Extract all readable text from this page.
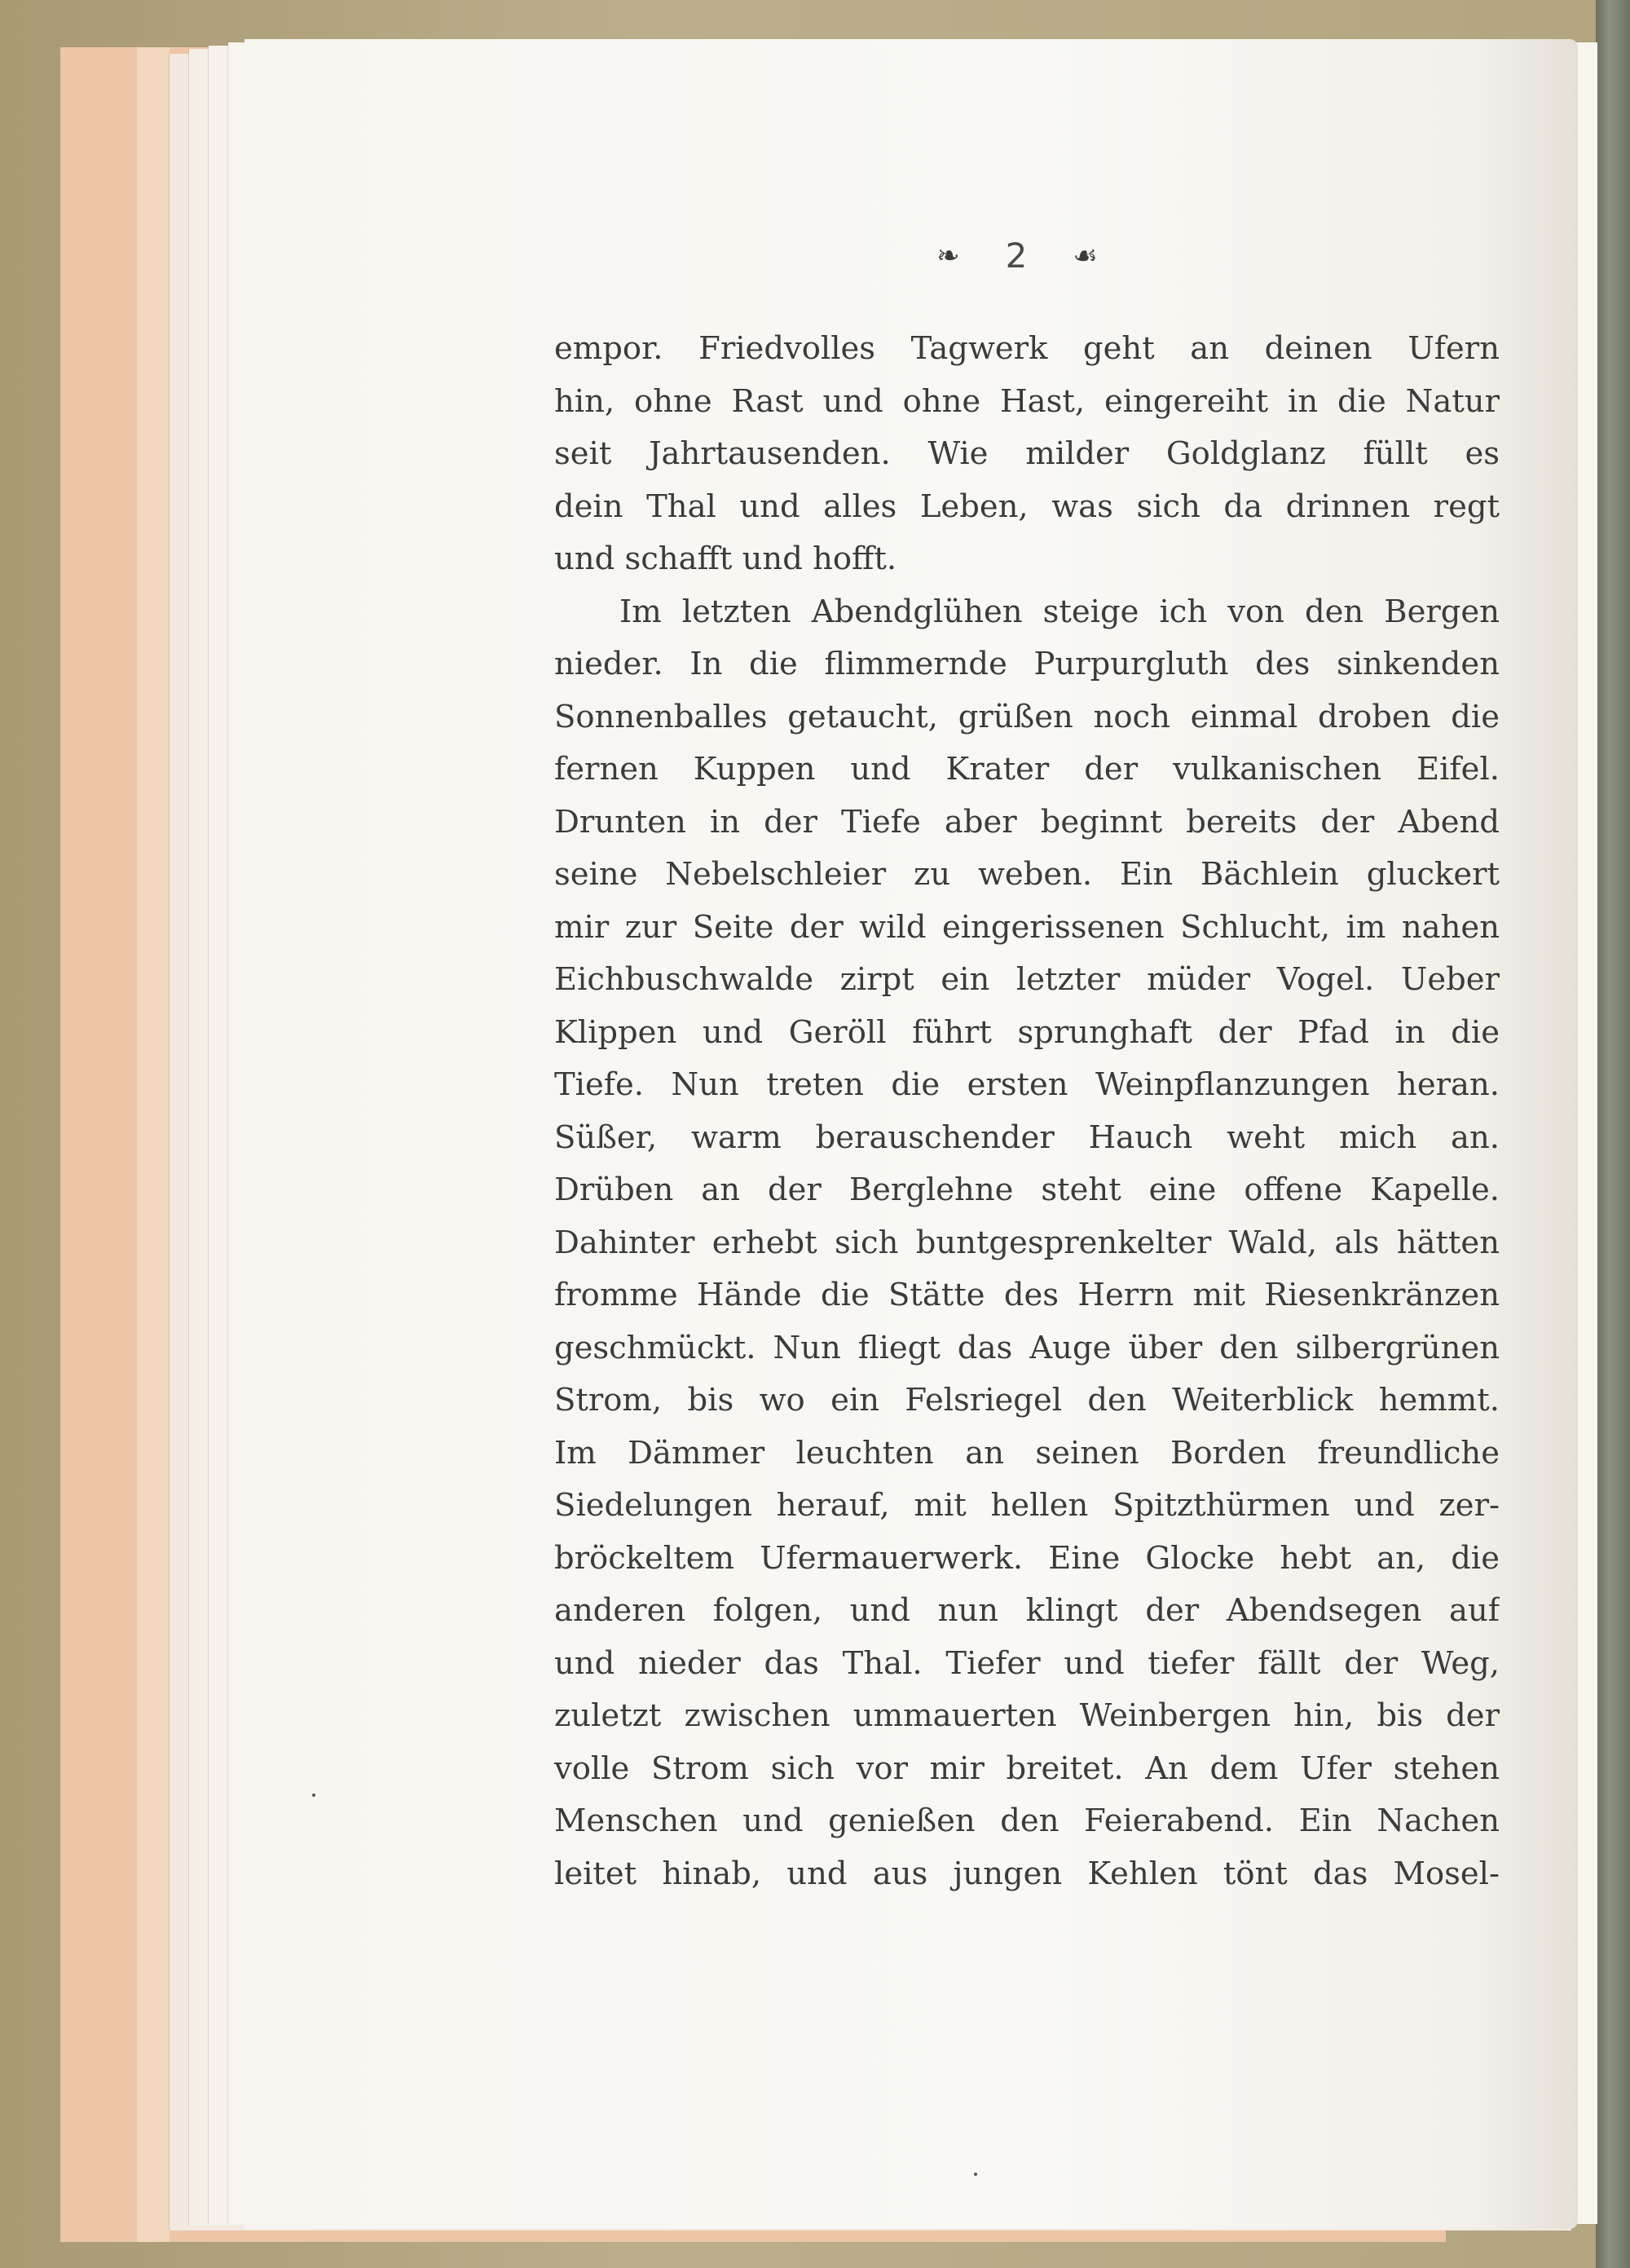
❧ 2 ☙
empor. Friedvolles Tagwerk geht an deinen Ufern
hin, ohne Rast und ohne Hast, eingereiht in die Natur
seit Jahrtausenden. Wie milder Goldglanz füllt es
dein Thal und alles Leben, was sich da drinnen regt
und schafft und hofft.
Im letzten Abendglühen steige ich von den Bergen
nieder. In die flimmernde Purpurgluth des sinkenden
Sonnenballes getaucht, grüßen noch einmal droben die
fernen Kuppen und Krater der vulkanischen Eifel.
Drunten in der Tiefe aber beginnt bereits der Abend
seine Nebelschleier zu weben. Ein Bächlein gluckert
mir zur Seite der wild eingerissenen Schlucht, im nahen
Eichbuschwalde zirpt ein letzter müder Vogel. Ueber
Klippen und Geröll führt sprunghaft der Pfad in die
Tiefe. Nun treten die ersten Weinpflanzungen heran.
Süßer, warm berauschender Hauch weht mich an.
Drüben an der Berglehne steht eine offene Kapelle.
Dahinter erhebt sich buntgesprenkelter Wald, als hätten
fromme Hände die Stätte des Herrn mit Riesenkränzen
geschmückt. Nun fliegt das Auge über den silbergrünen
Strom, bis wo ein Felsriegel den Weiterblick hemmt.
Im Dämmer leuchten an seinen Borden freundliche
Siedelungen herauf, mit hellen Spitzthürmen und zer-
bröckeltem Ufermauerwerk. Eine Glocke hebt an, die
anderen folgen, und nun klingt der Abendsegen auf
und nieder das Thal. Tiefer und tiefer fällt der Weg,
zuletzt zwischen ummauerten Weinbergen hin, bis der
volle Strom sich vor mir breitet. An dem Ufer stehen
Menschen und genießen den Feierabend. Ein Nachen
leitet hinab, und aus jungen Kehlen tönt das Mosel-
